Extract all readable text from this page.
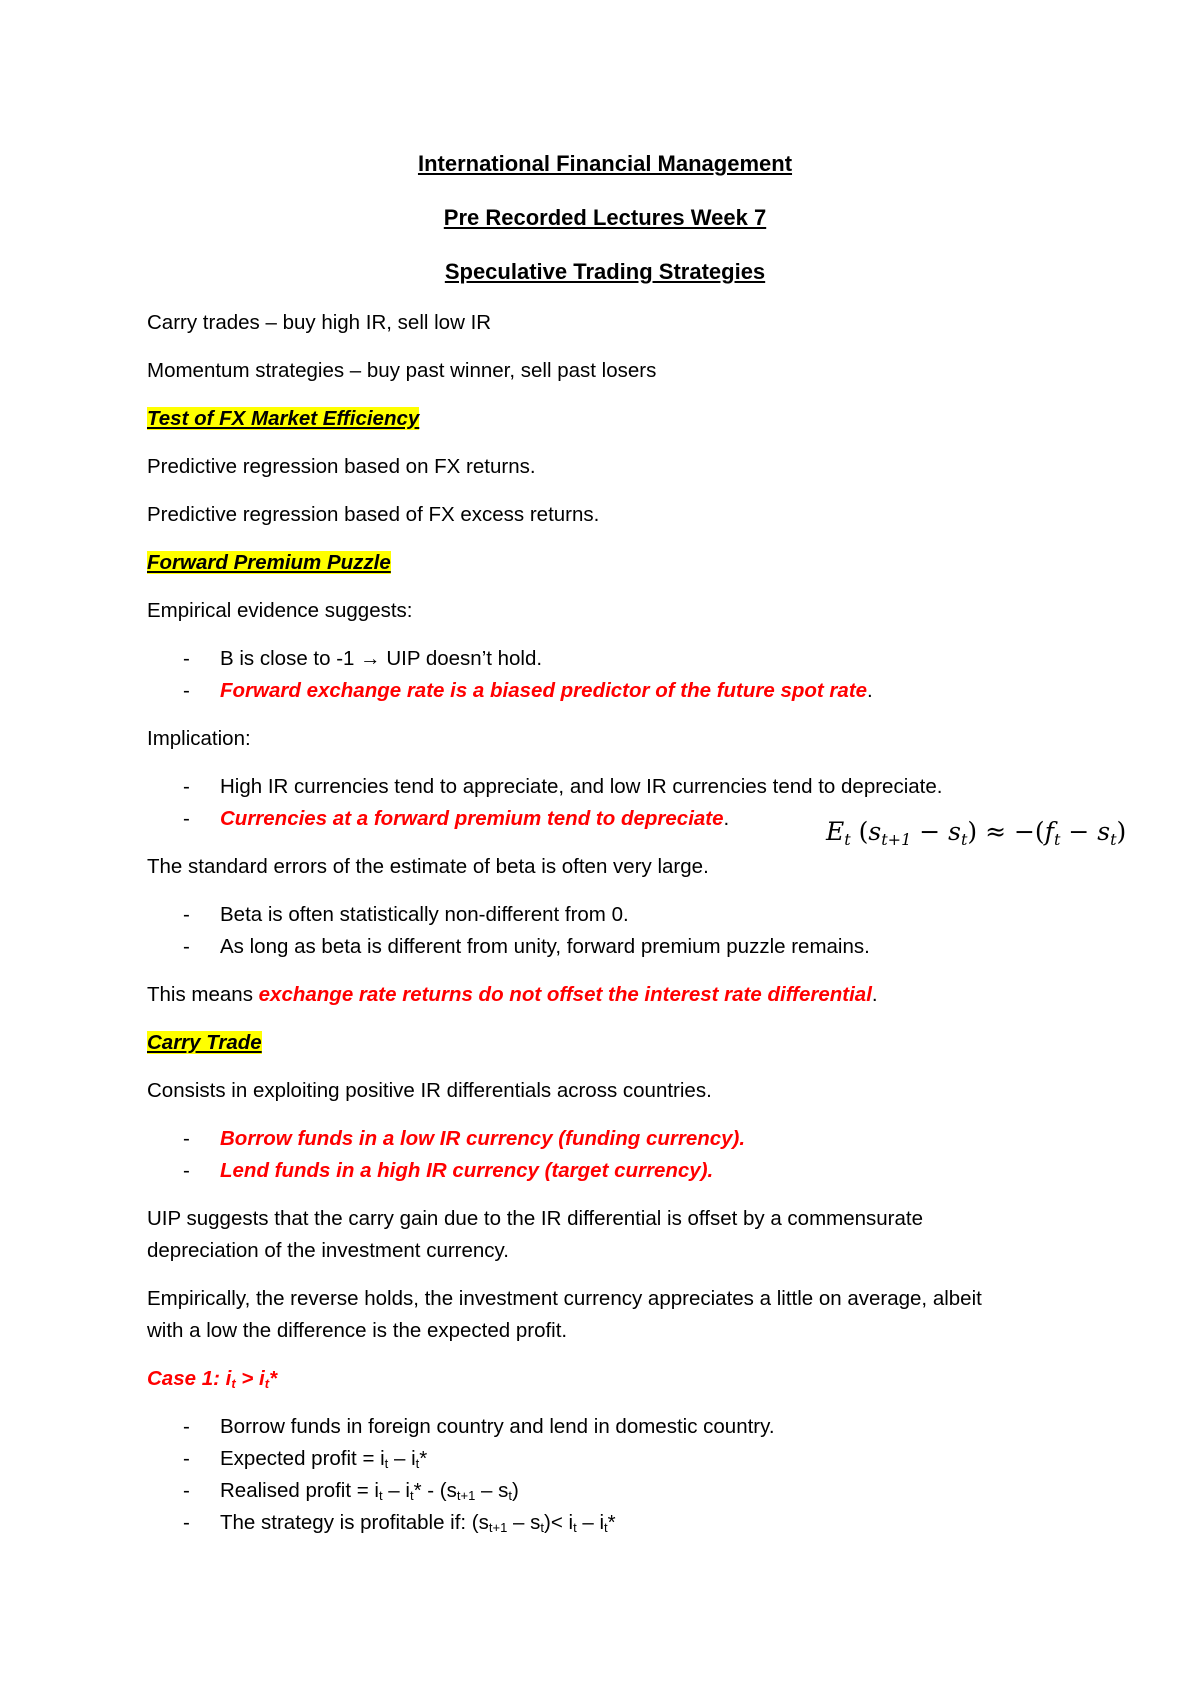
International Financial Management
Pre Recorded Lectures Week 7
Speculative Trading Strategies
Carry trades – buy high IR, sell low IR
Momentum strategies – buy past winner, sell past losers
Test of FX Market Efficiency
Predictive regression based on FX returns.
Predictive regression based of FX excess returns.
Forward Premium Puzzle
Empirical evidence suggests:
- B is close to -1 → UIP doesn’t hold.
- Forward exchange rate is a biased predictor of the future spot rate.
Implication:
- High IR currencies tend to appreciate, and low IR currencies tend to depreciate.
- Currencies at a forward premium tend to depreciate.	$E_t$ $(s_{t+1} - s_t) \approx -(f_t - s_t)$
The standard errors of the estimate of beta is often very large.
- Beta is often statistically non-different from 0.
- As long as beta is different from unity, forward premium puzzle remains.
This means exchange rate returns do not offset the interest rate differential.
Carry Trade
Consists in exploiting positive IR differentials across countries.
- Borrow funds in a low IR currency (funding currency).
- Lend funds in a high IR currency (target currency).
UIP suggests that the carry gain due to the IR differential is offset by a commensurate
depreciation of the investment currency.
Empirically, the reverse holds, the investment currency appreciates a little on average, albeit
with a low the difference is the expected profit.
Case 1: $i_t > i_t*$
- Borrow funds in foreign country and lend in domestic country.
- Expected profit = $i_t - i_t*$
- Realised profit = $i_t - i_t* - (s_{t+1} - s_t)$
- The strategy is profitable if: $(s_{t+1} - s_t)< i_t - i_t*$
